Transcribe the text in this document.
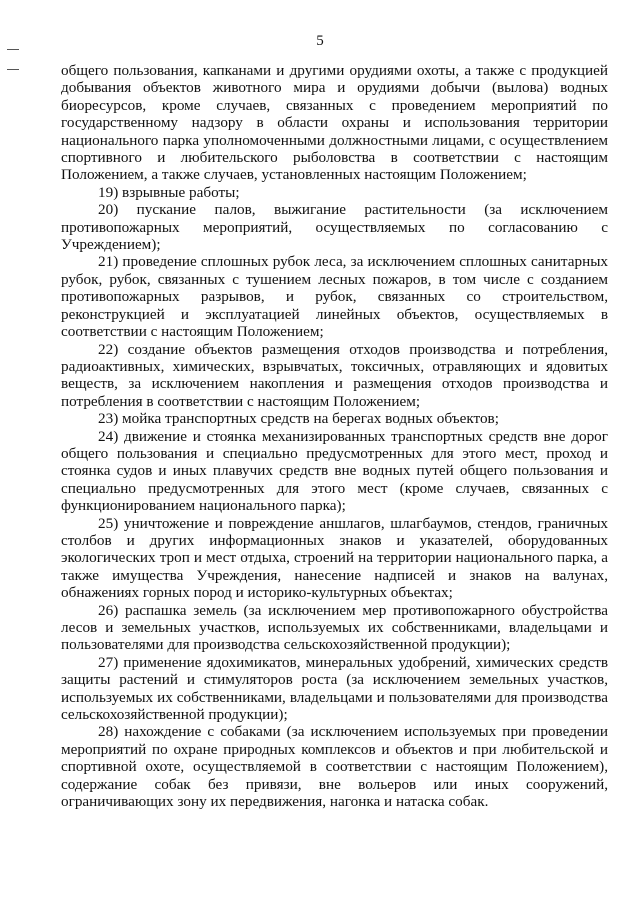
5

общего пользования, капканами и другими орудиями охоты, а также с продукцией добывания объектов животного мира и орудиями добычи (вылова) водных биоресурсов, кроме случаев, связанных с проведением мероприятий по государственному надзору в области охраны и использования территории национального парка уполномоченными должностными лицами, с осуществлением спортивного и любительского рыболовства в соответствии с настоящим Положением, а также случаев, установленных настоящим Положением;

19) взрывные работы;

20) пускание палов, выжигание растительности (за исключением противопожарных мероприятий, осуществляемых по согласованию с Учреждением);

21) проведение сплошных рубок леса, за исключением сплошных санитарных рубок, рубок, связанных с тушением лесных пожаров, в том числе с созданием противопожарных разрывов, и рубок, связанных со строительством, реконструкцией и эксплуатацией линейных объектов, осуществляемых в соответствии с настоящим Положением;

22) создание объектов размещения отходов производства и потребления, радиоактивных, химических, взрывчатых, токсичных, отравляющих и ядовитых веществ, за исключением накопления и размещения отходов производства и потребления в соответствии с настоящим Положением;

23) мойка транспортных средств на берегах водных объектов;

24) движение и стоянка механизированных транспортных средств вне дорог общего пользования и специально предусмотренных для этого мест, проход и стоянка судов и иных плавучих средств вне водных путей общего пользования и специально предусмотренных для этого мест (кроме случаев, связанных с функционированием национального парка);

25) уничтожение и повреждение аншлагов, шлагбаумов, стендов, граничных столбов и других информационных знаков и указателей, оборудованных экологических троп и мест отдыха, строений на территории национального парка, а также имущества Учреждения, нанесение надписей и знаков на валунах, обнажениях горных пород и историко-культурных объектах;

26) распашка земель (за исключением мер противопожарного обустройства лесов и земельных участков, используемых их собственниками, владельцами и пользователями для производства сельскохозяйственной продукции);

27) применение ядохимикатов, минеральных удобрений, химических средств защиты растений и стимуляторов роста (за исключением земельных участков, используемых их собственниками, владельцами и пользователями для производства сельскохозяйственной продукции);

28) нахождение с собаками (за исключением используемых при проведении мероприятий по охране природных комплексов и объектов и при любительской и спортивной охоте, осуществляемой в соответствии с настоящим Положением), содержание собак без привязи, вне вольеров или иных сооружений, ограничивающих зону их передвижения, нагонка и натаска собак.
